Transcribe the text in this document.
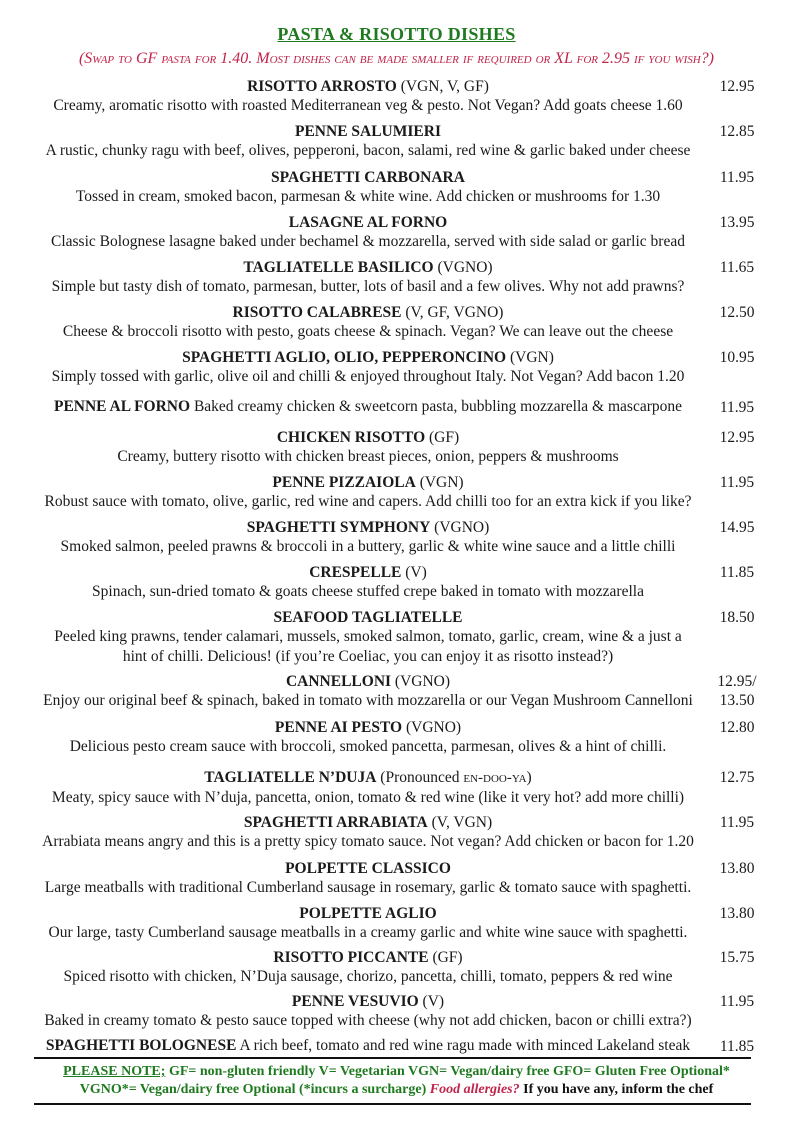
PASTA & RISOTTO DISHES
(Swap to GF pasta for 1.40. Most dishes can be made smaller if required or XL for 2.95 if you wish?)
RISOTTO ARROSTO (VGN, V, GF)
Creamy, aromatic risotto with roasted Mediterranean veg & pesto. Not Vegan? Add goats cheese 1.60
12.95
PENNE SALUMIERI
A rustic, chunky ragu with beef, olives, pepperoni, bacon, salami, red wine & garlic baked under cheese
12.85
SPAGHETTI CARBONARA
Tossed in cream, smoked bacon, parmesan & white wine. Add chicken or mushrooms for 1.30
11.95
LASAGNE AL FORNO
Classic Bolognese lasagne baked under bechamel & mozzarella, served with side salad or garlic bread
13.95
TAGLIATELLE BASILICO (VGNO)
Simple but tasty dish of tomato, parmesan, butter, lots of basil and a few olives. Why not add prawns?
11.65
RISOTTO CALABRESE (V, GF, VGNO)
Cheese & broccoli risotto with pesto, goats cheese & spinach. Vegan? We can leave out the cheese
12.50
SPAGHETTI AGLIO, OLIO, PEPPERONCINO (VGN)
Simply tossed with garlic, olive oil and chilli & enjoyed throughout Italy. Not Vegan? Add bacon 1.20
10.95
PENNE AL FORNO Baked creamy chicken & sweetcorn pasta, bubbling mozzarella & mascarpone	11.95
CHICKEN RISOTTO (GF)
Creamy, buttery risotto with chicken breast pieces, onion, peppers & mushrooms
12.95
PENNE PIZZAIOLA (VGN)
Robust sauce with tomato, olive, garlic, red wine and capers. Add chilli too for an extra kick if you like?
11.95
SPAGHETTI SYMPHONY (VGNO)
Smoked salmon, peeled prawns & broccoli in a buttery, garlic & white wine sauce and a little chilli
14.95
CRESPELLE (V)
Spinach, sun-dried tomato & goats cheese stuffed crepe baked in tomato with mozzarella
11.85
SEAFOOD TAGLIATELLE
Peeled king prawns, tender calamari, mussels, smoked salmon, tomato, garlic, cream, wine & a just a
hint of chilli. Delicious! (if you’re Coeliac, you can enjoy it as risotto instead?)
18.50
CANNELLONI (VGNO)
Enjoy our original beef & spinach, baked in tomato with mozzarella or our Vegan Mushroom Cannelloni
12.95/
13.50
PENNE AI PESTO (VGNO)
Delicious pesto cream sauce with broccoli, smoked pancetta, parmesan, olives & a hint of chilli.
12.80
TAGLIATELLE N’DUJA (Pronounced en-doo-ya)
Meaty, spicy sauce with N’duja, pancetta, onion, tomato & red wine (like it very hot? add more chilli)
12.75
SPAGHETTI ARRABIATA (V, VGN)
Arrabiata means angry and this is a pretty spicy tomato sauce. Not vegan? Add chicken or bacon for 1.20
11.95
POLPETTE CLASSICO
Large meatballs with traditional Cumberland sausage in rosemary, garlic & tomato sauce with spaghetti.
13.80
POLPETTE AGLIO
Our large, tasty Cumberland sausage meatballs in a creamy garlic and white wine sauce with spaghetti.
13.80
RISOTTO PICCANTE (GF)
Spiced risotto with chicken, N’Duja sausage, chorizo, pancetta, chilli, tomato, peppers & red wine
15.75
PENNE VESUVIO (V)
Baked in creamy tomato & pesto sauce topped with cheese (why not add chicken, bacon or chilli extra?)
11.95
SPAGHETTI BOLOGNESE A rich beef, tomato and red wine ragu made with minced Lakeland steak	11.85
PLEASE NOTE; GF= non-gluten friendly V= Vegetarian VGN= Vegan/dairy free GFO= Gluten Free Optional*
VGNO*= Vegan/dairy free Optional (*incurs a surcharge) Food allergies? If you have any, inform the chef
